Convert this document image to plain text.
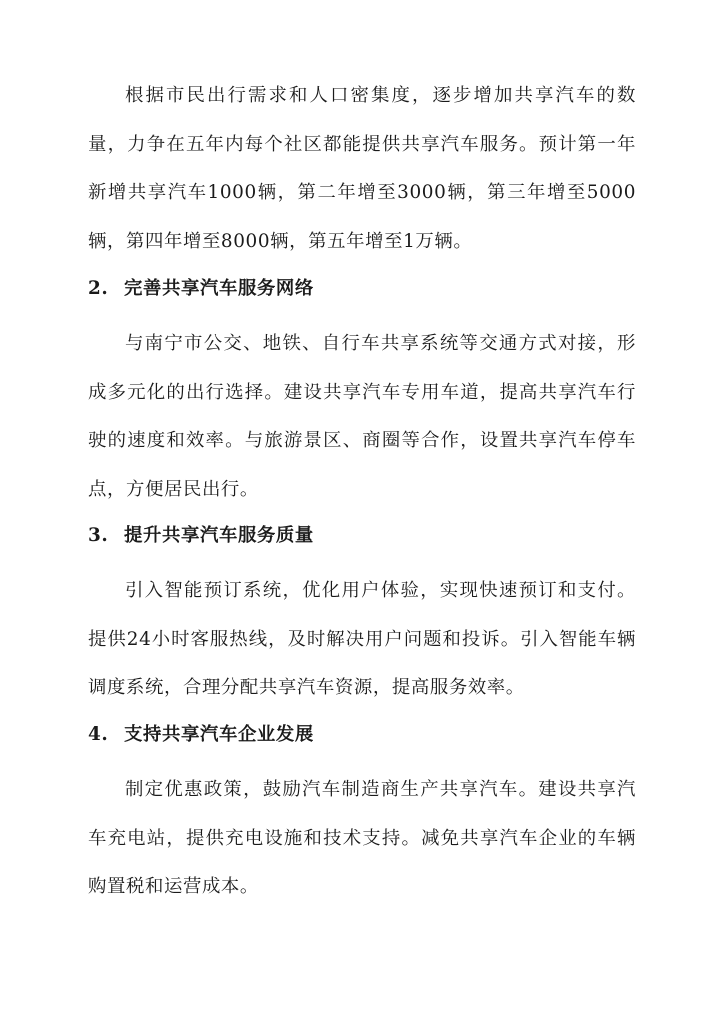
根据市民出行需求和人口密集度，逐步增加共享汽车的数量，力争在五年内每个社区都能提供共享汽车服务。预计第一年新增共享汽车1000辆，第二年增至3000辆，第三年增至5000辆，第四年增至8000辆，第五年增至1万辆。

2. 完善共享汽车服务网络

与南宁市公交、地铁、自行车共享系统等交通方式对接，形成多元化的出行选择。建设共享汽车专用车道，提高共享汽车行驶的速度和效率。与旅游景区、商圈等合作，设置共享汽车停车点，方便居民出行。

3. 提升共享汽车服务质量

引入智能预订系统，优化用户体验，实现快速预订和支付。提供24小时客服热线，及时解决用户问题和投诉。引入智能车辆调度系统，合理分配共享汽车资源，提高服务效率。

4. 支持共享汽车企业发展

制定优惠政策，鼓励汽车制造商生产共享汽车。建设共享汽车充电站，提供充电设施和技术支持。减免共享汽车企业的车辆购置税和运营成本。
